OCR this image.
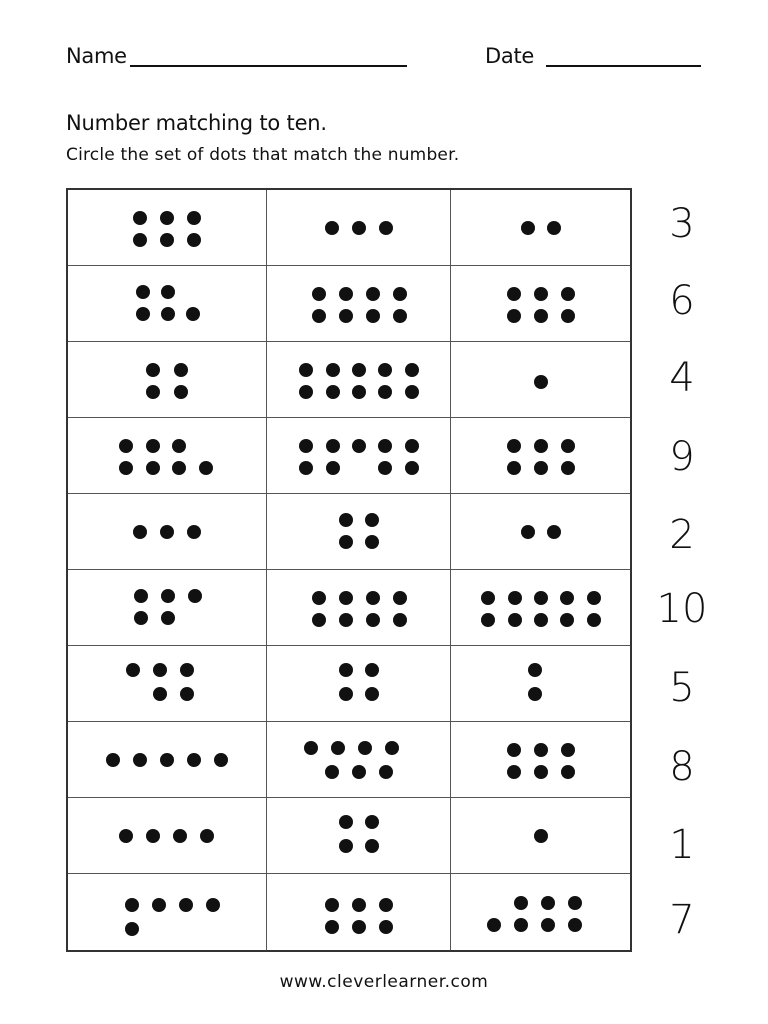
Name	Date
Number matching to ten.
Circle the set of dots that match the number.
www.cleverlearner.com
3
6
4
9
2
10
5
8
1
7
